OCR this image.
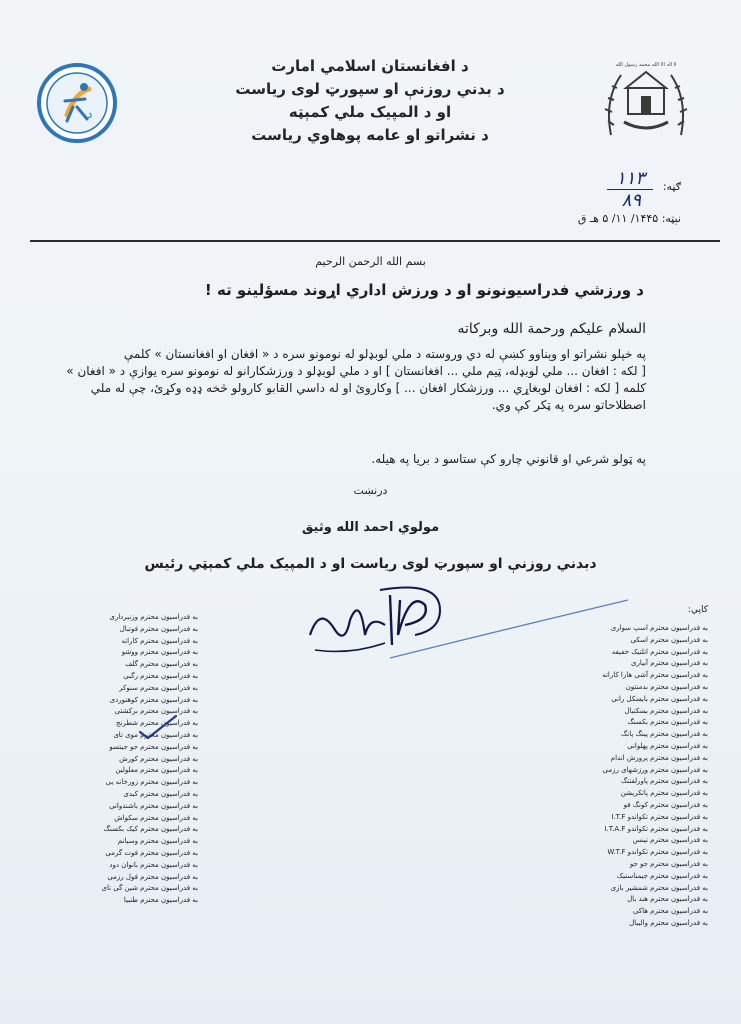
د
لا اله الا الله محمد رسول الله
د افغانستان اسلامي امارت
د بدني روزنې او سپورټ لوی رياست
او د المپیک ملي کمېټه
د نشراتو او عامه پوهاوي رياست
ګڼه:
۱۱۳
۸۹
نېټه: ۱۴۴۵/ ۱۱/ ۵ هـ ق
بسم الله الرحمن الرحیم
د ورزشي فدراسيونونو او د ورزش اداري اړوند مسؤلينو ته !
السلام علیکم ورحمة الله وبرکاته
په خپلو نشراتو او وېناوو کښې له دي وروسته د ملي لوبډلو له نومونو سره د « افغان او افغانستان » کلمې
[ لکه : افغان ... ملي لوبډله، ټيم ملي ... افغانستان ] او د ملي لوبډلو د ورزشکارانو له نومونو سره يوازې د « افغان »
کلمه [ لکه : افغان لوبغاړي ... ورزشکار افغان ... ] وکاروئ او له داسي القابو کارولو څخه ډډه وکړئ، چې له ملي
اصطلاحاتو سره په ټکر کې وي.
په ټولو شرعي او قانوني چارو کې ستاسو د بريا په هيله.
درنښت
مولوي احمد الله وثيق
دبدني روزنې او سپورټ لوی رياست او د المپیک ملي کمېټي رئیس
کاپي:
به فدراسیون محترم اسپ سواری
به فدراسیون محترم اسکی
به فدراسیون محترم اتلتیک خفیفه
به فدراسیون محترم آبیاری
به فدراسیون محترم آشی هارا کاراته
به فدراسیون محترم بدمنتون
به فدراسیون محترم بایسکل رانی
به فدراسیون محترم بسکتبال
به فدراسیون محترم بکسنگ
به فدراسیون محترم پینگ پانگ
به فدراسیون محترم پهلوانی
به فدراسیون محترم پرورش اندام
به فدراسیون محترم ورزشهای رزمی
به فدراسیون محترم پاورلفتنگ
به فدراسیون محترم پاتکریشن
به فدراسیون محترم کونگ فو
به فدراسیون محترم تکواندو I.T.F
به فدراسیون محترم تکواندو I.T.A.F
به فدراسیون محترم تینس
به فدراسیون محترم تکواندو W.T.F
به فدراسیون محترم جو جو
به فدراسیون محترم جیمناستیک
به فدراسیون محترم شمشیر بازی
به فدراسیون محترم هند بال
به فدراسیون محترم هاکی
به فدراسیون محترم والیبال
به فدراسیون محترم وزنبرداری
به فدراسیون محترم فوتبال
به فدراسیون محترم کاراته
به فدراسیون محترم ووشو
به فدراسیون محترم گلف
به فدراسیون محترم رگبی
به فدراسیون محترم سنوکر
به فدراسیون محترم کوهنوردی
به فدراسیون محترم برکشتی
به فدراسیون محترم شطرنج
به فدراسیون محترم موی تای
به فدراسیون محترم جو جیتسو
به فدراسیون محترم کورش
به فدراسیون محترم معلولین
به فدراسیون محترم زورخانه یی
به فدراسیون محترم کبدی
به فدراسیون محترم باشندوانی
به فدراسیون محترم سکواش
به فدراسیون محترم کیک بکسنگ
به فدراسیون محترم وسیانم
به فدراسیون محترم فوت گرمی
به فدراسیون محترم بانوان دود
به فدراسیون محترم فول رزمی
به فدراسیون محترم شین گی تای
به فدراسیون محترم طنبيا
